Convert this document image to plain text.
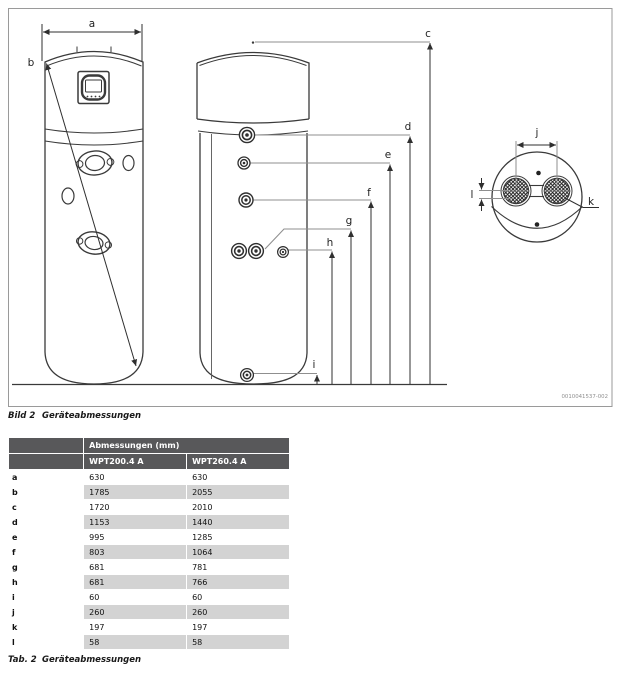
a
b
c
d
e
f
g
h
i
j
k
l
0010041537-002
Bild 2 Geräteabmessungen
	Abmessungen (mm)	
	WPT200.4 A	WPT260.4 A
a	630	630
b	1785	2055
c	1720	2010
d	1153	1440
e	995	1285
f	803	1064
g	681	781
h	681	766
i	60	60
j	260	260
k	197	197
l	58	58
Tab. 2 Geräteabmessungen
